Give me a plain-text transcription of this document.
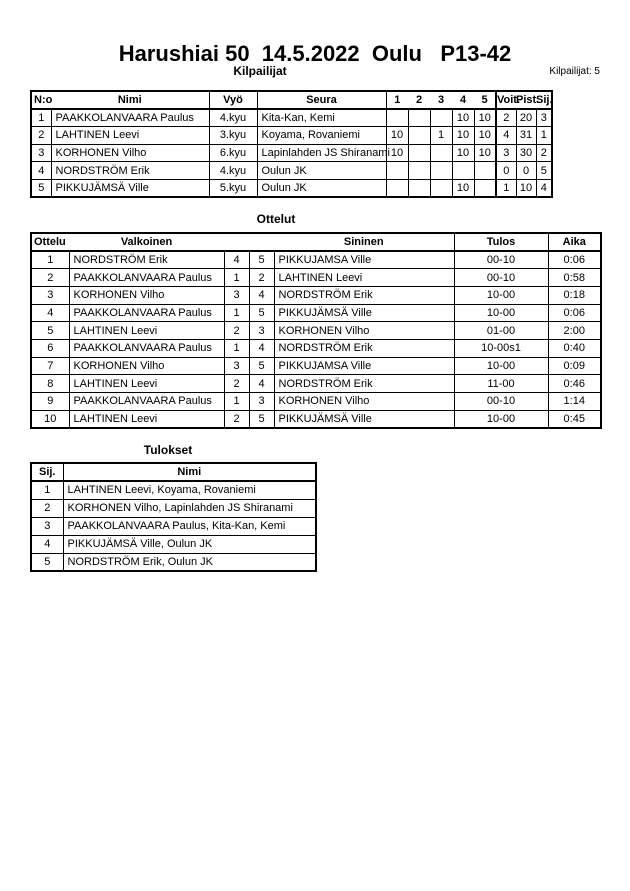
Harushiai 50  14.5.2022  Oulu   P13-42
Kilpailijat	Kilpailijat: 5
N:o	Nimi	Vyö	Seura	1	2	3	4	5	Voit.	Pist.	Sij.
1	PAAKKOLANVAARA Paulus	4.kyu	Kita-Kan, Kemi				10	10	2	20	3
2	LAHTINEN Leevi	3.kyu	Koyama, Rovaniemi	10		1	10	10	4	31	1
3	KORHONEN Vilho	6.kyu	Lapinlahden JS Shiranami	10			10	10	3	30	2
4	NORDSTRÖM Erik	4.kyu	Oulun JK						0	0	5
5	PIKKUJÄMSÄ Ville	5.kyu	Oulun JK				10		1	10	4
Ottelut
Ottelu	Valkoinen			Sininen	Tulos	Aika
1	NORDSTRÖM Erik	4	5	PIKKUJAMSA Ville	00-10	0:06
2	PAAKKOLANVAARA Paulus	1	2	LAHTINEN Leevi	00-10	0:58
3	KORHONEN Vilho	3	4	NORDSTRÖM Erik	10-00	0:18
4	PAAKKOLANVAARA Paulus	1	5	PIKKUJÄMSÄ Ville	10-00	0:06
5	LAHTINEN Leevi	2	3	KORHONEN Vilho	01-00	2:00
6	PAAKKOLANVAARA Paulus	1	4	NORDSTRÖM Erik	10-00s1	0:40
7	KORHONEN Vilho	3	5	PIKKUJAMSA Ville	10-00	0:09
8	LAHTINEN Leevi	2	4	NORDSTRÖM Erik	11-00	0:46
9	PAAKKOLANVAARA Paulus	1	3	KORHONEN Vilho	00-10	1:14
10	LAHTINEN Leevi	2	5	PIKKUJÄMSÄ Ville	10-00	0:45
Tulokset
Sij.	Nimi
1	LAHTINEN Leevi, Koyama, Rovaniemi
2	KORHONEN Vilho, Lapinlahden JS Shiranami
3	PAAKKOLANVAARA Paulus, Kita-Kan, Kemi
4	PIKKUJÄMSÄ Ville, Oulun JK
5	NORDSTRÖM Erik, Oulun JK
